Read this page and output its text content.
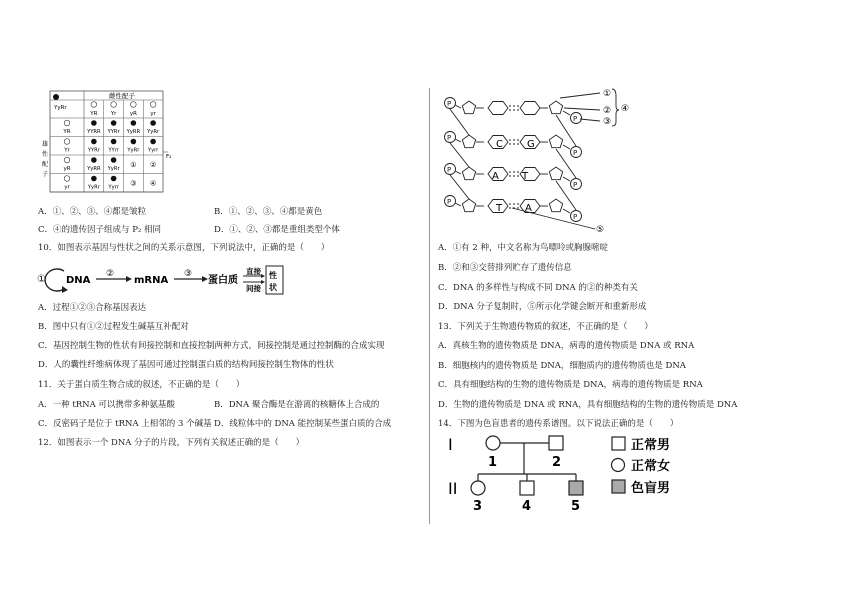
雌性配子
YyRr
YR Yr yR yr
YR	YYRR YYRr YyRR YyRr
Yr	YYRr YYrr YyRr Yyrr
yR	YyRR YyRr ① ②
yr	YyRr Yyrr ③ ④
雄
性
配
子
F₂
A．①、②、③、④都是皱粒	B．①、②、③、④都是黄色
C．④的遗传因子组成与 P₂ 相同	D．①、②、③都是重组类型个体
10．如图表示基因与性状之间的关系示意图，下列说法中，正确的是（　　）
① DNA
②
mRNA
③
蛋白质
直接
间接
性
状
A．过程①②③合称基因表达
B．图中只有①②过程发生碱基互补配对
C．基因控制生物的性状有间接控制和直接控制两种方式，间接控制是通过控制酶的合成实现
D．人的囊性纤维病体现了基因可通过控制蛋白质的结构间接控制生物体的性状
11．关于蛋白质生物合成的叙述，不正确的是（　　）
A．一种 tRNA 可以携带多种氨基酸	B．DNA 聚合酶是在游离的核糖体上合成的
C．反密码子是位于 tRNA 上相邻的 3 个碱基 D．线粒体中的 DNA 能控制某些蛋白质的合成
12．如图表示一个 DNA 分子的片段，下列有关叙述正确的是（　　）
P
P
P
P
P
P
P
P
C G
A T
T A
①
②
③
④
⑤
A．①有 2 种，中文名称为鸟嘌呤或胸腺嘧啶
B．②和③交替排列贮存了遗传信息
C．DNA 的多样性与构成不同 DNA 的②的种类有关
D．DNA 分子复制时，⑤所示化学键会断开和重新形成
13．下列关于生物遗传物质的叙述，不正确的是（　　）
A．真核生物的遗传物质是 DNA，病毒的遗传物质是 DNA 或 RNA
B．细胞核内的遗传物质是 DNA，细胞质内的遗传物质也是 DNA
C．具有细胞结构的生物的遗传物质是 DNA，病毒的遗传物质是 RNA
D．生物的遗传物质是 DNA 或 RNA，具有细胞结构的生物的遗传物质是 DNA
14．下图为色盲患者的遗传系谱图。以下说法正确的是（　　）
I
II
1	2
3	4	5
正常男
正常女
色盲男
